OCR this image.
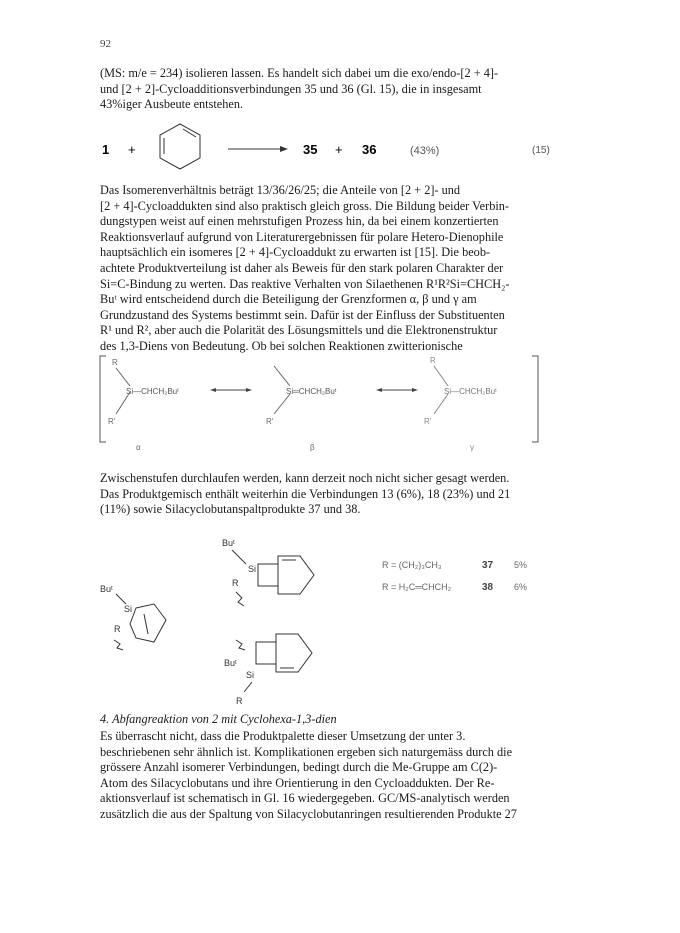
92
(MS: m/e = 234) isolieren lassen. Es handelt sich dabei um die exo/endo-[2 + 4]-
und [2 + 2]-Cycloadditionsverbindungen 35 und 36 (Gl. 15), die in insgesamt
43%iger Ausbeute entstehen.
1 +	35 + 36	(43%)	(15)
Das Isomerenverhältnis beträgt 13/36/26/25; die Anteile von [2 + 2]- und
[2 + 4]-Cycloaddukten sind also praktisch gleich gross. Die Bildung beider Verbin-
dungstypen weist auf einen mehrstufigen Prozess hin, da bei einem konzertierten
Reaktionsverlauf aufgrund von Literaturergebnissen für polare Hetero-Dienophile
hauptsächlich ein isomeres [2 + 4]-Cycloaddukt zu erwarten ist [15]. Die beob-
achtete Produktverteilung ist daher als Beweis für den stark polaren Charakter der
Si=C-Bindung zu werten. Das reaktive Verhalten von Silaethenen R¹R²Si=CHCH₂-
Buᵗ wird entscheidend durch die Beteiligung der Grenzformen α, β und γ am
Grundzustand des Systems bestimmt sein. Dafür ist der Einfluss der Substituenten
R¹ und R², aber auch die Polarität des Lösungsmittels und die Elektronenstruktur
des 1,3-Diens von Bedeutung. Ob bei solchen Reaktionen zwitterionische
R
R'
Si—CHCH₂Buᵗ
α
R'
Si═CHCH₂Buᵗ
β
R
R'
Si—CHCH₂Buᵗ
γ
Zwischenstufen durchlaufen werden, kann derzeit noch nicht sicher gesagt werden.
Das Produktgemisch enthält weiterhin die Verbindungen 13 (6%), 18 (23%) und 21
(11%) sowie Silacyclobutanspaltprodukte 37 und 38.
Buᵗ
Si
R
Buᵗ
Si
R
Buᵗ
Si
R
R = (CH₂)₃CH₃	37 5%
R = H₂C═CHCH₂	38 6%
4. Abfangreaktion von 2 mit Cyclohexa-1,3-dien
Es überrascht nicht, dass die Produktpalette dieser Umsetzung der unter 3.
beschriebenen sehr ähnlich ist. Komplikationen ergeben sich naturgemäss durch die
grössere Anzahl isomerer Verbindungen, bedingt durch die Me-Gruppe am C(2)-
Atom des Silacyclobutans und ihre Orientierung in den Cycloaddukten. Der Re-
aktionsverlauf ist schematisch in Gl. 16 wiedergegeben. GC/MS-analytisch werden
zusätzlich die aus der Spaltung von Silacyclobutanringen resultierenden Produkte 27
